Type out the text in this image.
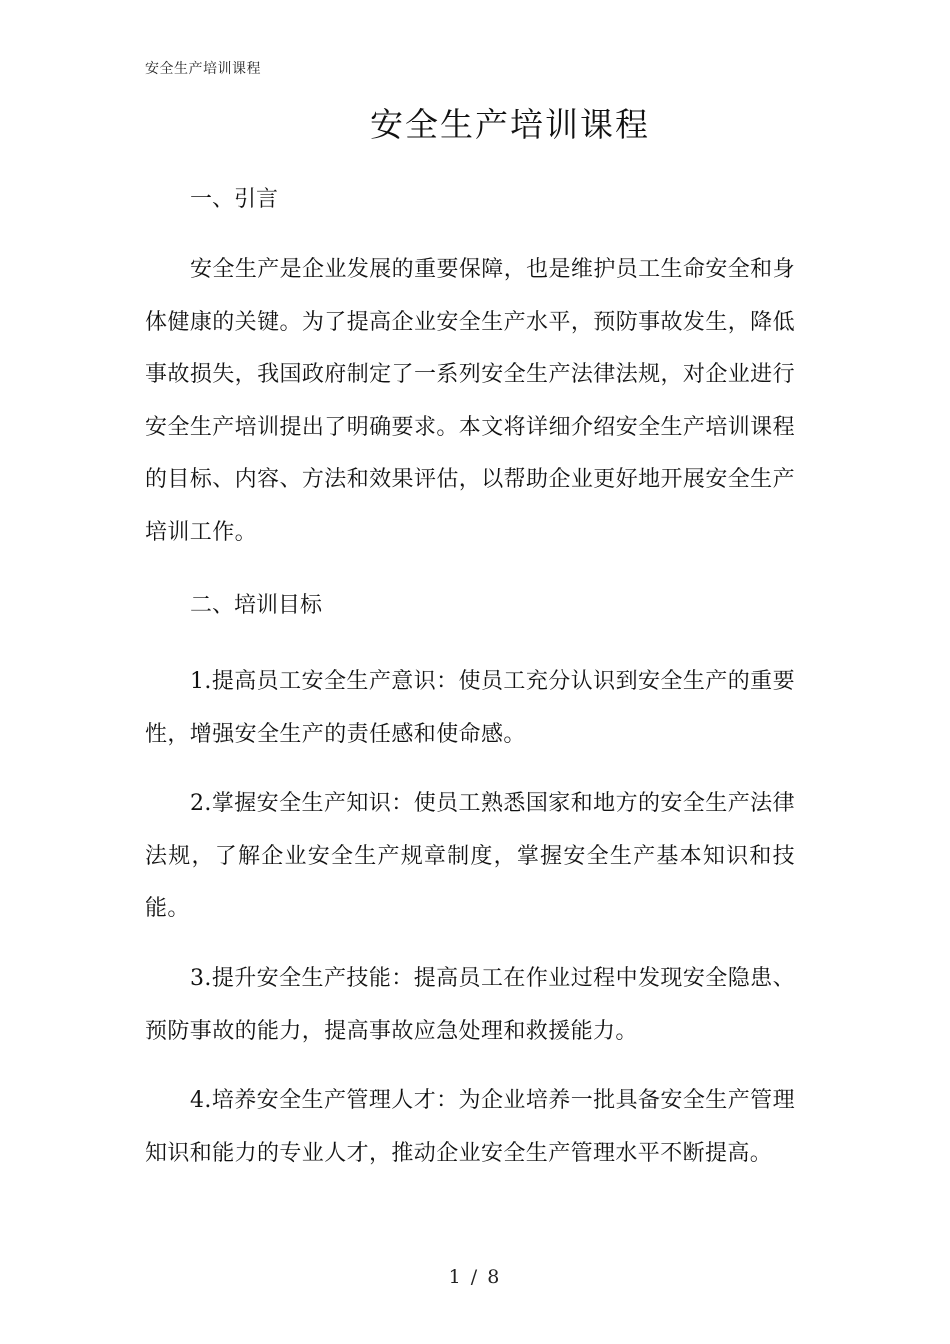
安全生产培训课程
安全生产培训课程
一、引言

安全生产是企业发展的重要保障，也是维护员工生命安全和身体健康的关键。为了提高企业安全生产水平，预防事故发生，降低事故损失，我国政府制定了一系列安全生产法律法规，对企业进行安全生产培训提出了明确要求。本文将详细介绍安全生产培训课程的目标、内容、方法和效果评估，以帮助企业更好地开展安全生产培训工作。

二、培训目标

1.提高员工安全生产意识：使员工充分认识到安全生产的重要性，增强安全生产的责任感和使命感。

2.掌握安全生产知识：使员工熟悉国家和地方的安全生产法律法规，了解企业安全生产规章制度，掌握安全生产基本知识和技能。

3.提升安全生产技能：提高员工在作业过程中发现安全隐患、预防事故的能力，提高事故应急处理和救援能力。

4.培养安全生产管理人才：为企业培养一批具备安全生产管理知识和能力的专业人才，推动企业安全生产管理水平不断提高。

1 / 8
